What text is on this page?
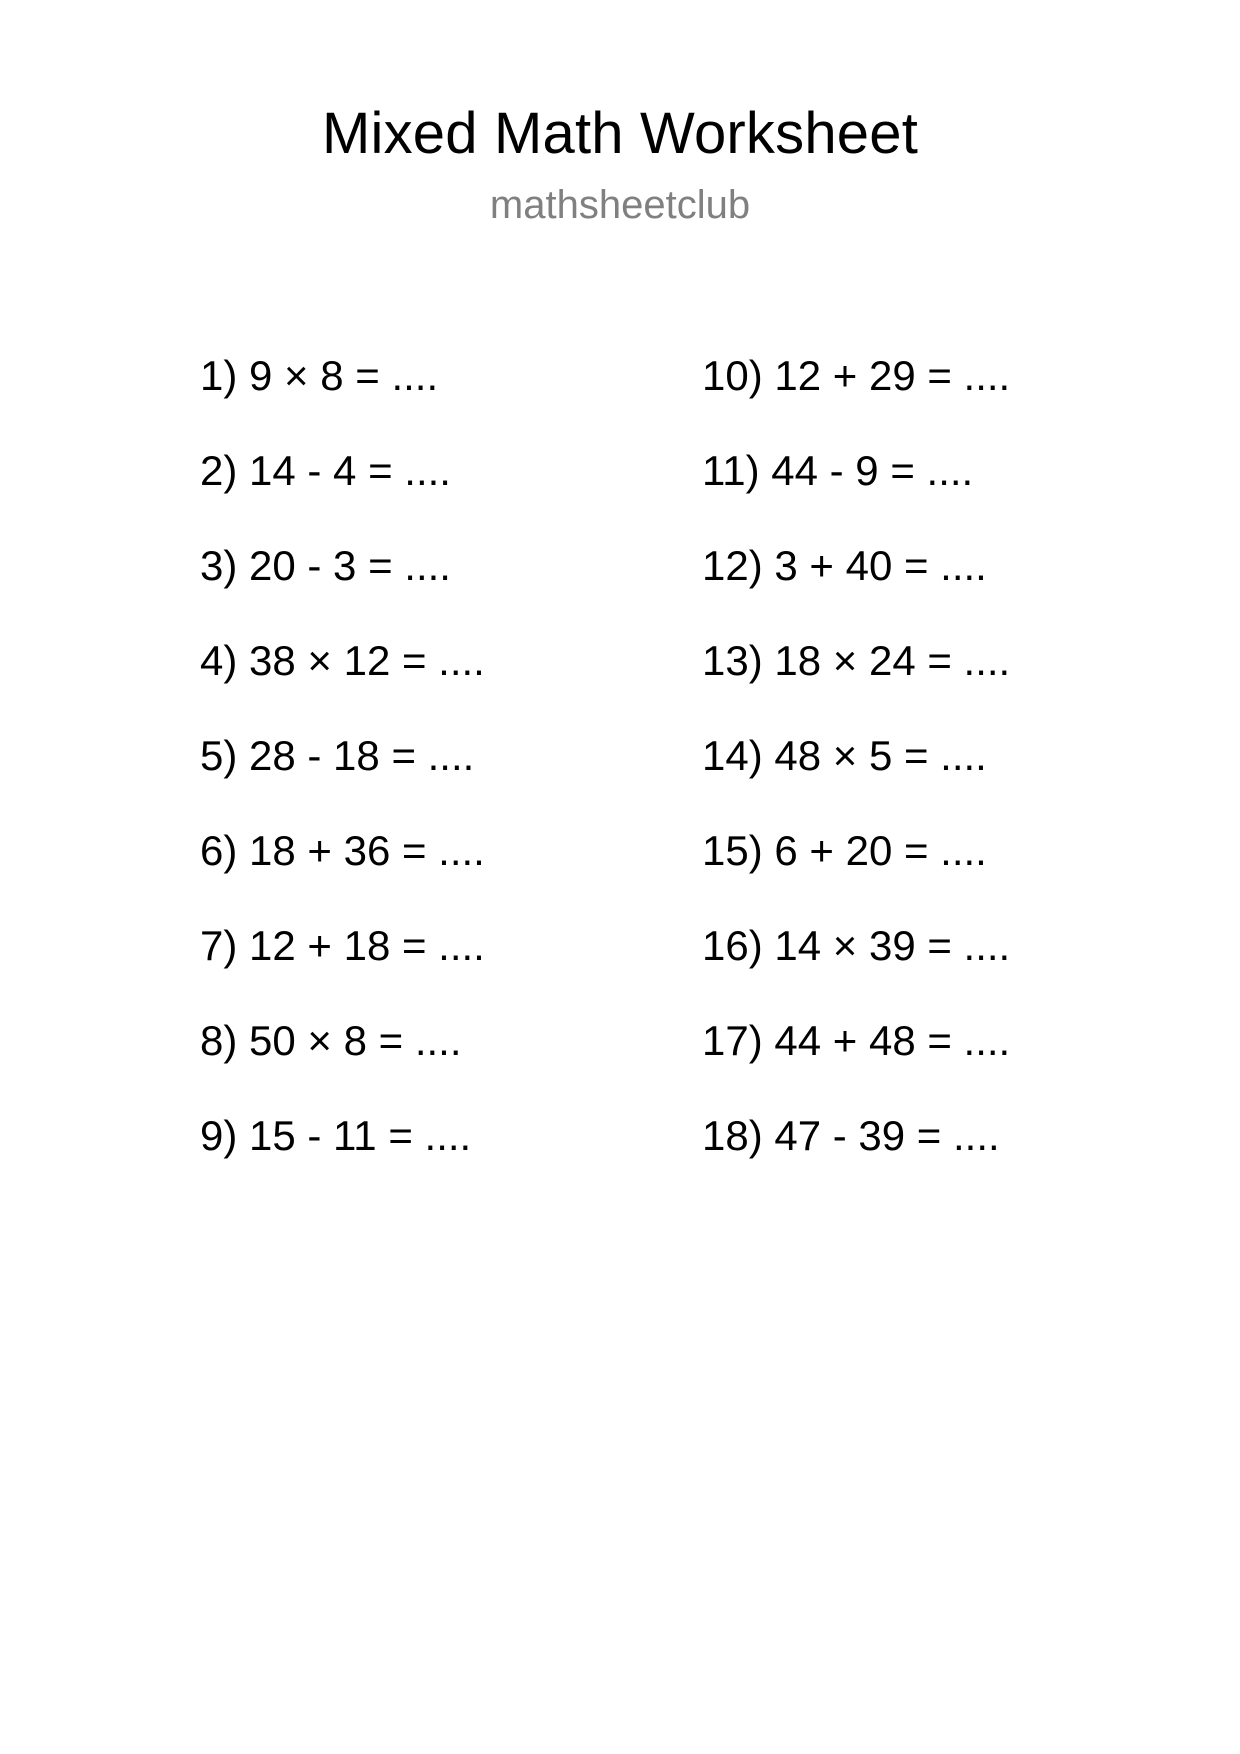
Mixed Math Worksheet
mathsheetclub
1) 9 × 8 = ....
2) 14 - 4 = ....
3) 20 - 3 = ....
4) 38 × 12 = ....
5) 28 - 18 = ....
6) 18 + 36 = ....
7) 12 + 18 = ....
8) 50 × 8 = ....
9) 15 - 11 = ....
10) 12 + 29 = ....
11) 44 - 9 = ....
12) 3 + 40 = ....
13) 18 × 24 = ....
14) 48 × 5 = ....
15) 6 + 20 = ....
16) 14 × 39 = ....
17) 44 + 48 = ....
18) 47 - 39 = ....
